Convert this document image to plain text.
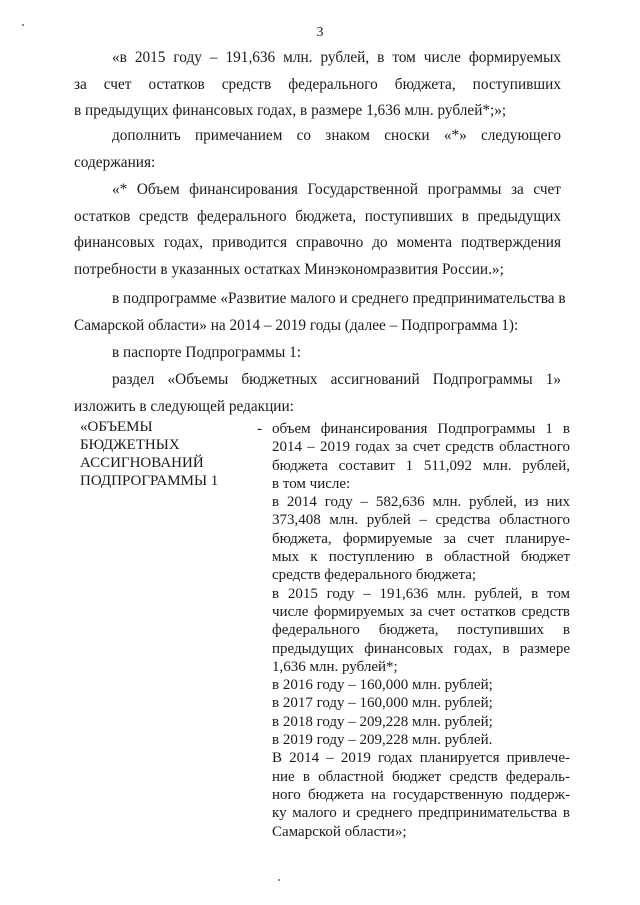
3
«в 2015 году – 191,636 млн. рублей, в том числе формируемых
за счет остатков средств федерального бюджета, поступивших
в предыдущих финансовых годах, в размере 1,636 млн. рублей*;»;
дополнить примечанием со знаком сноски «*» следующего
содержания:
«* Объем финансирования Государственной программы за счет
остатков средств федерального бюджета, поступивших в предыдущих
финансовых годах, приводится справочно до момента подтверждения
потребности в указанных остатках Минэкономразвития России.»;
в подпрограмме «Развитие малого и среднего предпринимательства в
Самарской области» на 2014 – 2019 годы (далее – Подпрограмма 1):
в паспорте Подпрограммы 1:
раздел «Объемы бюджетных ассигнований Подпрограммы 1»
изложить в следующей редакции:
«ОБЪЕМЫ
БЮДЖЕТНЫХ
АССИГНОВАНИЙ
ПОДПРОГРАММЫ 1
- объем финансирования Подпрограммы 1 в
2014 – 2019 годах за счет средств областного
бюджета составит 1 511,092 млн. рублей,
в том числе:
в 2014 году – 582,636 млн. рублей, из них
373,408 млн. рублей – средства областного
бюджета, формируемые за счет планируе-
мых к поступлению в областной бюджет
средств федерального бюджета;
в 2015 году – 191,636 млн. рублей, в том
числе формируемых за счет остатков средств
федерального бюджета, поступивших в
предыдущих финансовых годах, в размере
1,636 млн. рублей*;
в 2016 году – 160,000 млн. рублей;
в 2017 году – 160,000 млн. рублей;
в 2018 году – 209,228 млн. рублей;
в 2019 году – 209,228 млн. рублей.
В 2014 – 2019 годах планируется привлече-
ние в областной бюджет средств федераль-
ного бюджета на государственную поддерж-
ку малого и среднего предпринимательства в
Самарской области»;
